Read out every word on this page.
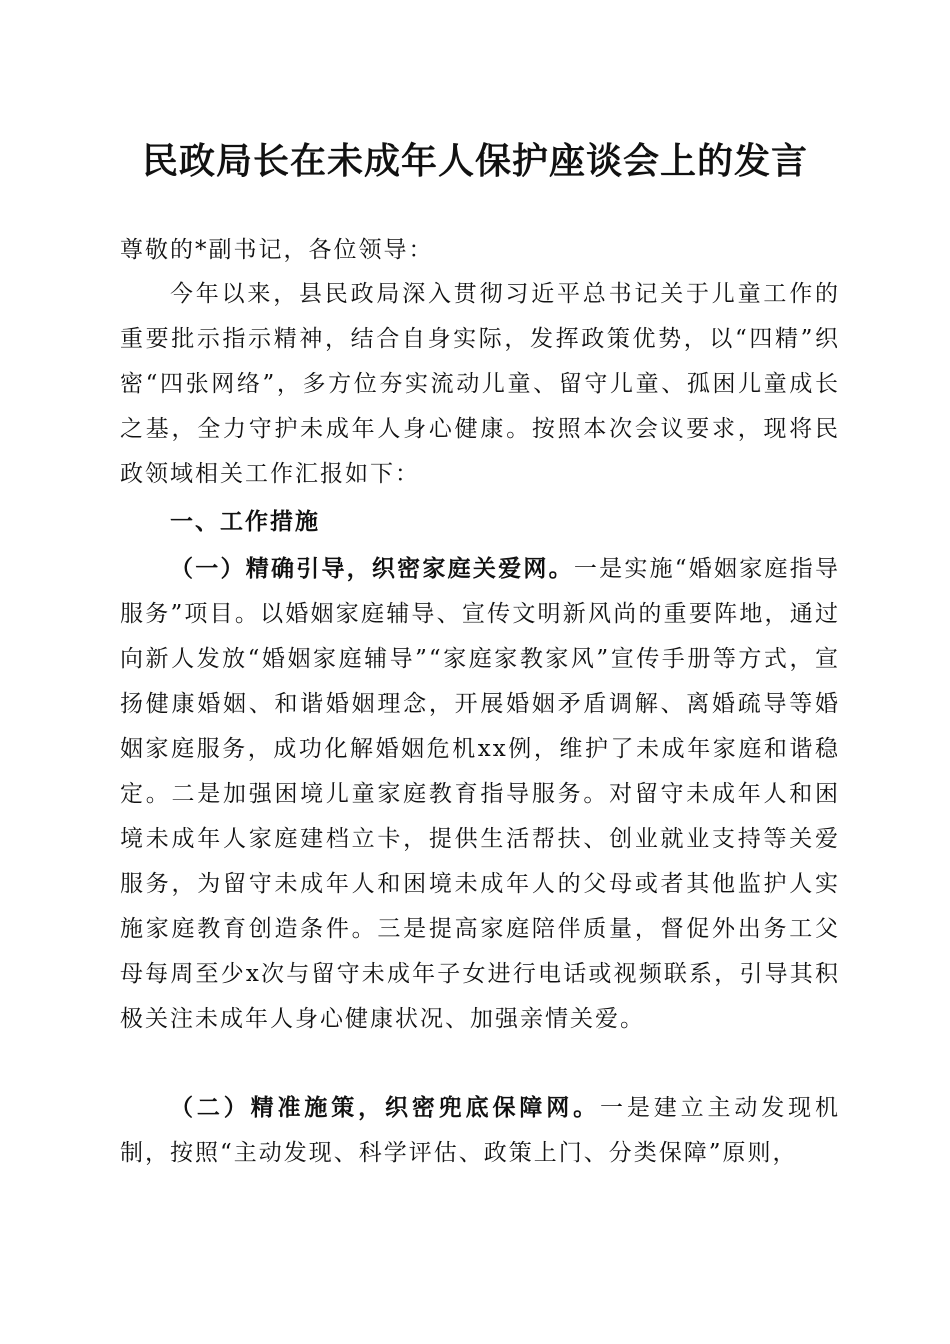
民政局长在未成年人保护座谈会上的发言
尊敬的*副书记，各位领导：
今年以来，县民政局深入贯彻习近平总书记关于儿童工作的重要批示指示精神，结合自身实际，发挥政策优势，以“四精”织密“四张网络”，多方位夯实流动儿童、留守儿童、孤困儿童成长之基，全力守护未成年人身心健康。按照本次会议要求，现将民政领域相关工作汇报如下：
一、工作措施
（一）精确引导，织密家庭关爱网。一是实施“婚姻家庭指导服务”项目。以婚姻家庭辅导、宣传文明新风尚的重要阵地，通过向新人发放“婚姻家庭辅导”“家庭家教家风”宣传手册等方式，宣扬健康婚姻、和谐婚姻理念，开展婚姻矛盾调解、离婚疏导等婚姻家庭服务，成功化解婚姻危机xx例，维护了未成年家庭和谐稳定。二是加强困境儿童家庭教育指导服务。对留守未成年人和困境未成年人家庭建档立卡，提供生活帮扶、创业就业支持等关爱服务，为留守未成年人和困境未成年人的父母或者其他监护人实施家庭教育创造条件。三是提高家庭陪伴质量，督促外出务工父母每周至少x次与留守未成年子女进行电话或视频联系，引导其积极关注未成年人身心健康状况、加强亲情关爱。
（二）精准施策，织密兜底保障网。一是建立主动发现机制，按照“主动发现、科学评估、政策上门、分类保障”原则，
